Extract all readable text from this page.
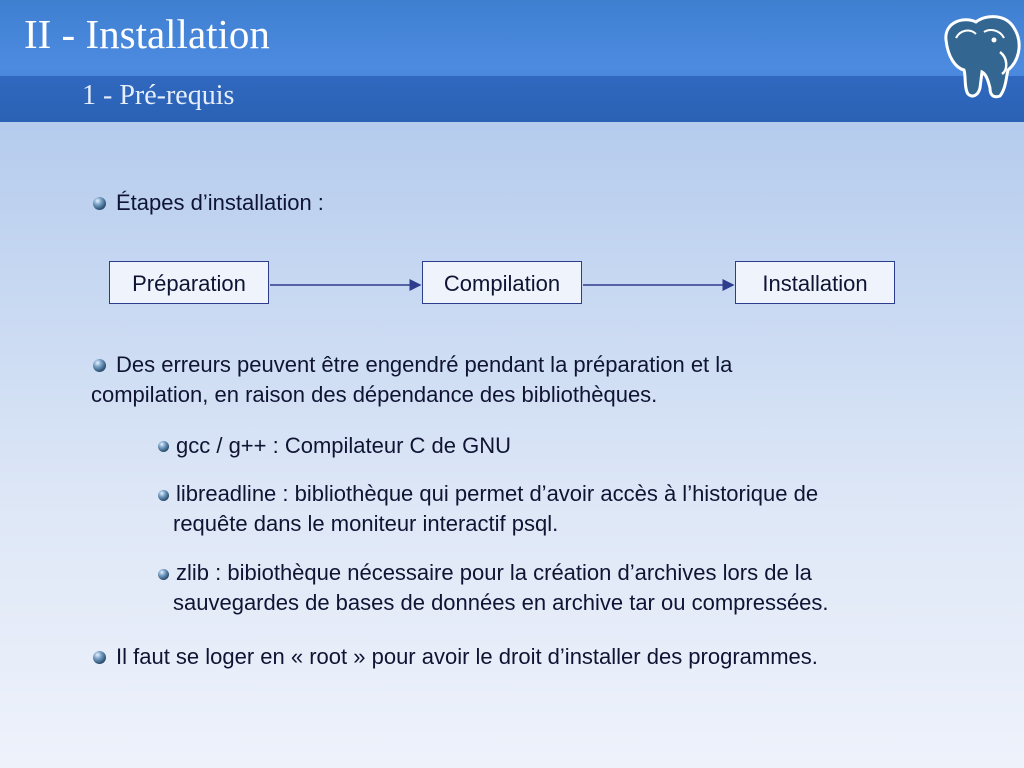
II - Installation
1 - Pré-requis
Étapes d’installation :
Préparation	Compilation	Installation
Des erreurs peuvent être engendré pendant la préparation et la
compilation, en raison des dépendance des bibliothèques.
gcc / g++ : Compilateur C de GNU
libreadline : bibliothèque qui permet d’avoir accès à l’historique de
requête dans le moniteur interactif psql.
zlib : bibiothèque nécessaire pour la création d’archives lors de la
sauvegardes de bases de données en archive tar ou compressées.
Il faut se loger en « root » pour avoir le droit d’installer des programmes.
